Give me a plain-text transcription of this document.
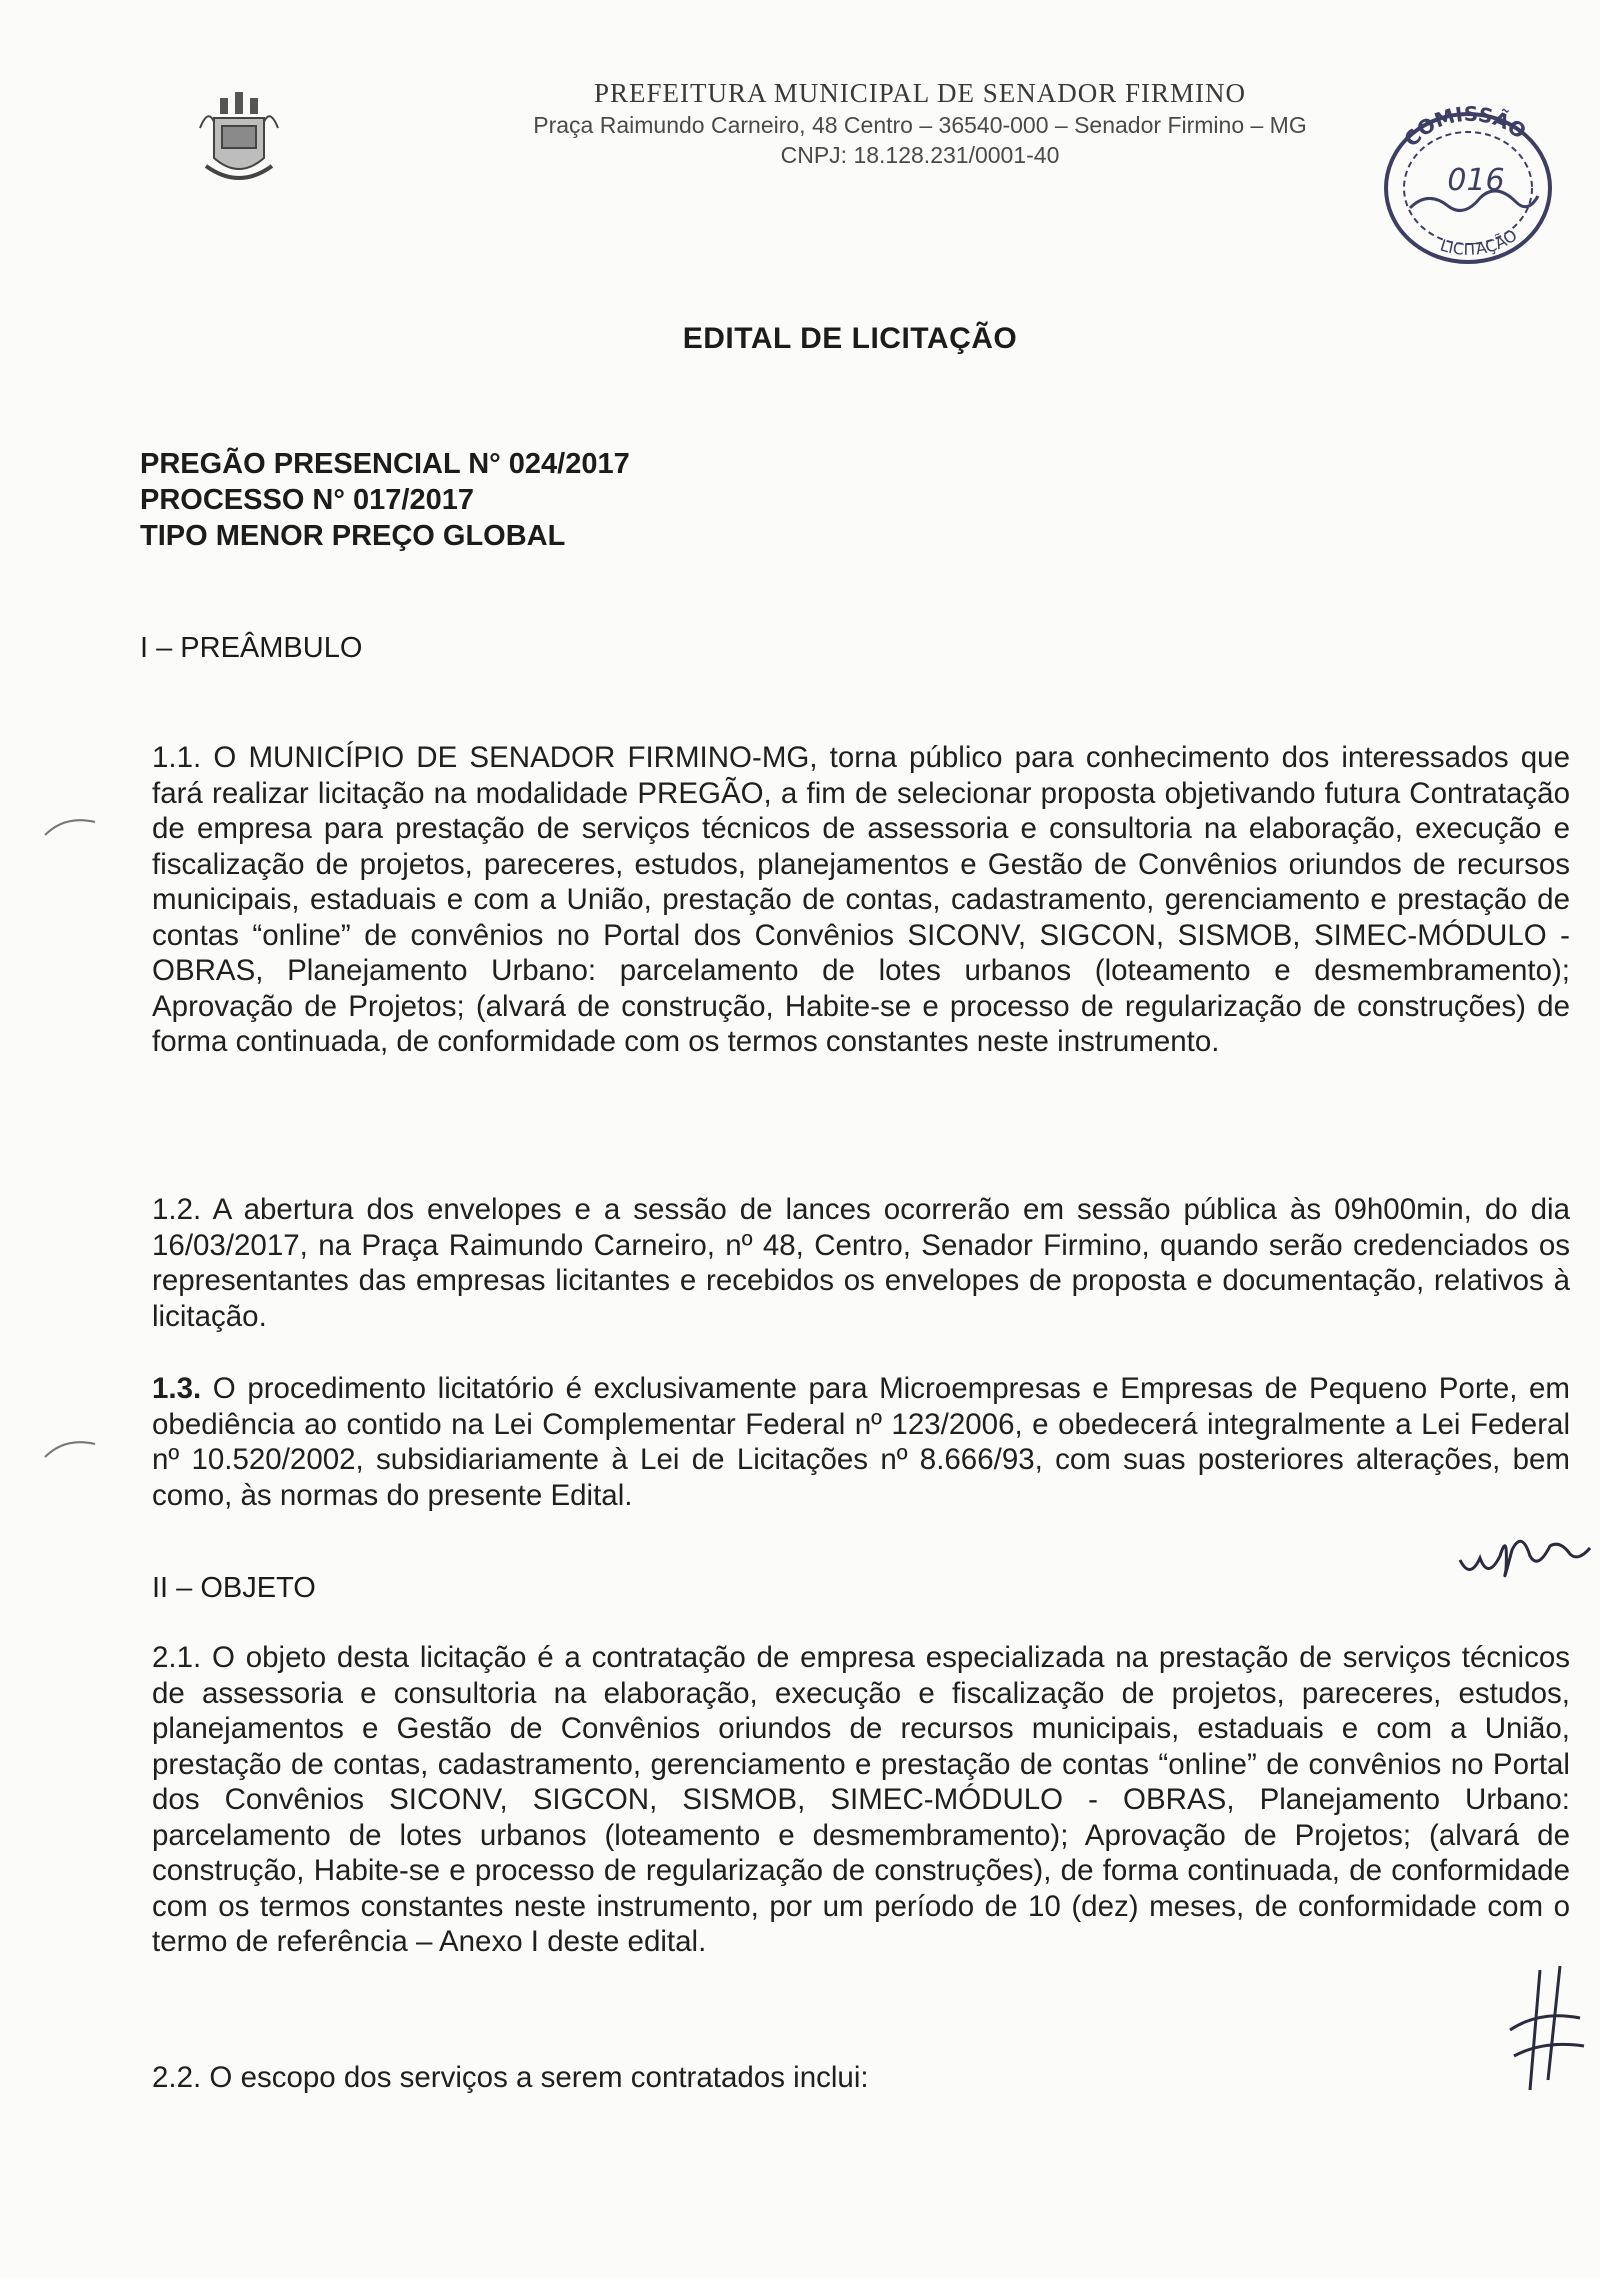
PREFEITURA MUNICIPAL DE SENADOR FIRMINO
Praça Raimundo Carneiro, 48 Centro – 36540-000 – Senador Firmino – MG
CNPJ: 18.128.231/0001-40
COMISSÃO
LICITAÇÃO
016
EDITAL DE LICITAÇÃO
PREGÃO PRESENCIAL N° 024/2017
PROCESSO N° 017/2017
TIPO MENOR PREÇO GLOBAL
I – PREÂMBULO
1.1. O MUNICÍPIO DE SENADOR FIRMINO-MG, torna público para conhecimento dos interessados que fará realizar licitação na modalidade PREGÃO, a fim de selecionar proposta objetivando futura Contratação de empresa para prestação de serviços técnicos de assessoria e consultoria na elaboração, execução e fiscalização de projetos, pareceres, estudos, planejamentos e Gestão de Convênios oriundos de recursos municipais, estaduais e com a União, prestação de contas, cadastramento, gerenciamento e prestação de contas “online” de convênios no Portal dos Convênios SICONV, SIGCON, SISMOB, SIMEC-MÓDULO - OBRAS, Planejamento Urbano: parcelamento de lotes urbanos (loteamento e desmembramento); Aprovação de Projetos; (alvará de construção, Habite-se e processo de regularização de construções) de forma continuada, de conformidade com os termos constantes neste instrumento.
1.2. A abertura dos envelopes e a sessão de lances ocorrerão em sessão pública às 09h00min, do dia 16/03/2017, na Praça Raimundo Carneiro, nº 48, Centro, Senador Firmino, quando serão credenciados os representantes das empresas licitantes e recebidos os envelopes de proposta e documentação, relativos à licitação.
1.3. O procedimento licitatório é exclusivamente para Microempresas e Empresas de Pequeno Porte, em obediência ao contido na Lei Complementar Federal nº 123/2006, e obedecerá integralmente a Lei Federal nº 10.520/2002, subsidiariamente à Lei de Licitações nº 8.666/93, com suas posteriores alterações, bem como, às normas do presente Edital.
II – OBJETO
2.1. O objeto desta licitação é a contratação de empresa especializada na prestação de serviços técnicos de assessoria e consultoria na elaboração, execução e fiscalização de projetos, pareceres, estudos, planejamentos e Gestão de Convênios oriundos de recursos municipais, estaduais e com a União, prestação de contas, cadastramento, gerenciamento e prestação de contas “online” de convênios no Portal dos Convênios SICONV, SIGCON, SISMOB, SIMEC-MÓDULO - OBRAS, Planejamento Urbano: parcelamento de lotes urbanos (loteamento e desmembramento); Aprovação de Projetos; (alvará de construção, Habite-se e processo de regularização de construções), de forma continuada, de conformidade com os termos constantes neste instrumento, por um período de 10 (dez) meses, de conformidade com o termo de referência – Anexo I deste edital.
2.2. O escopo dos serviços a serem contratados inclui:
